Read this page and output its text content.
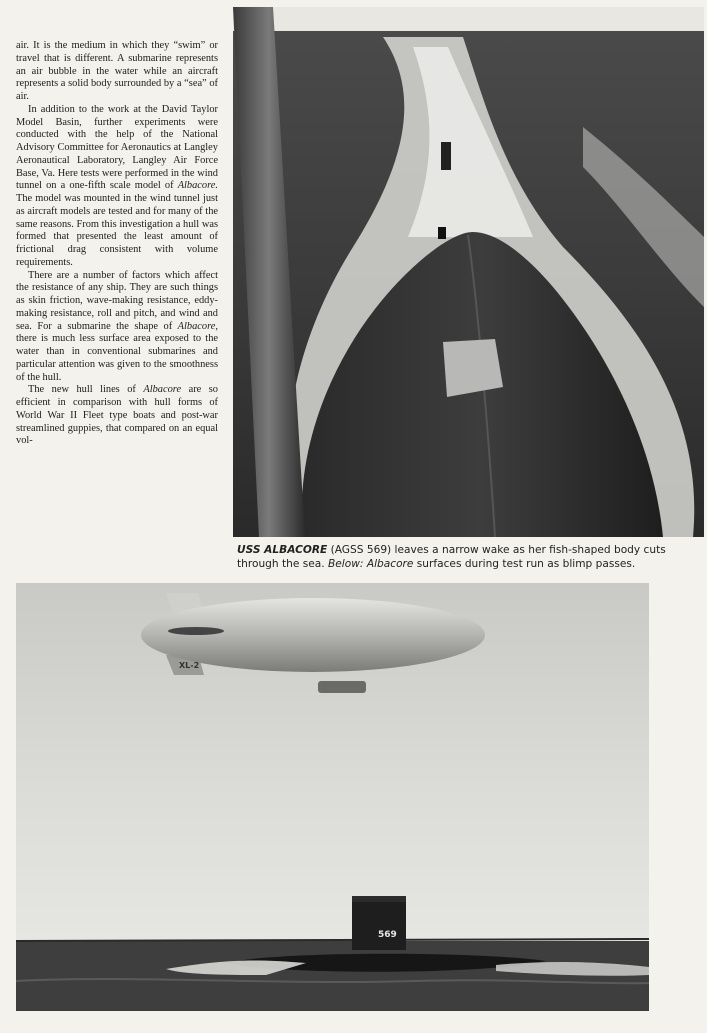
air. It is the medium in which they “swim” or travel that is different. A submarine represents an air bubble in the water while an aircraft represents a solid body surrounded by a “sea” of air.

In addition to the work at the David Taylor Model Basin, further experiments were conducted with the help of the National Advisory Committee for Aeronautics at Langley Aeronautical Laboratory, Langley Air Force Base, Va. Here tests were performed in the wind tunnel on a one-fifth scale model of Albacore. The model was mounted in the wind tunnel just as aircraft models are tested and for many of the same reasons. From this investigation a hull was formed that presented the least amount of frictional drag consistent with volume requirements.

There are a number of factors which affect the resistance of any ship. They are such things as skin friction, wave-making resistance, eddy-making resistance, roll and pitch, and wind and sea. For a submarine the shape of Albacore, there is much less surface area exposed to the water than in conventional submarines and particular attention was given to the smoothness of the hull.

The new hull lines of Albacore are so efficient in comparison with hull forms of World War II Fleet type boats and post-war streamlined guppies, that compared on an equal vol-

USS ALBACORE (AGSS 569) leaves a narrow wake as her fish-shaped body cuts through the sea. Below: Albacore surfaces during test run as blimp passes.
XL-2
569
